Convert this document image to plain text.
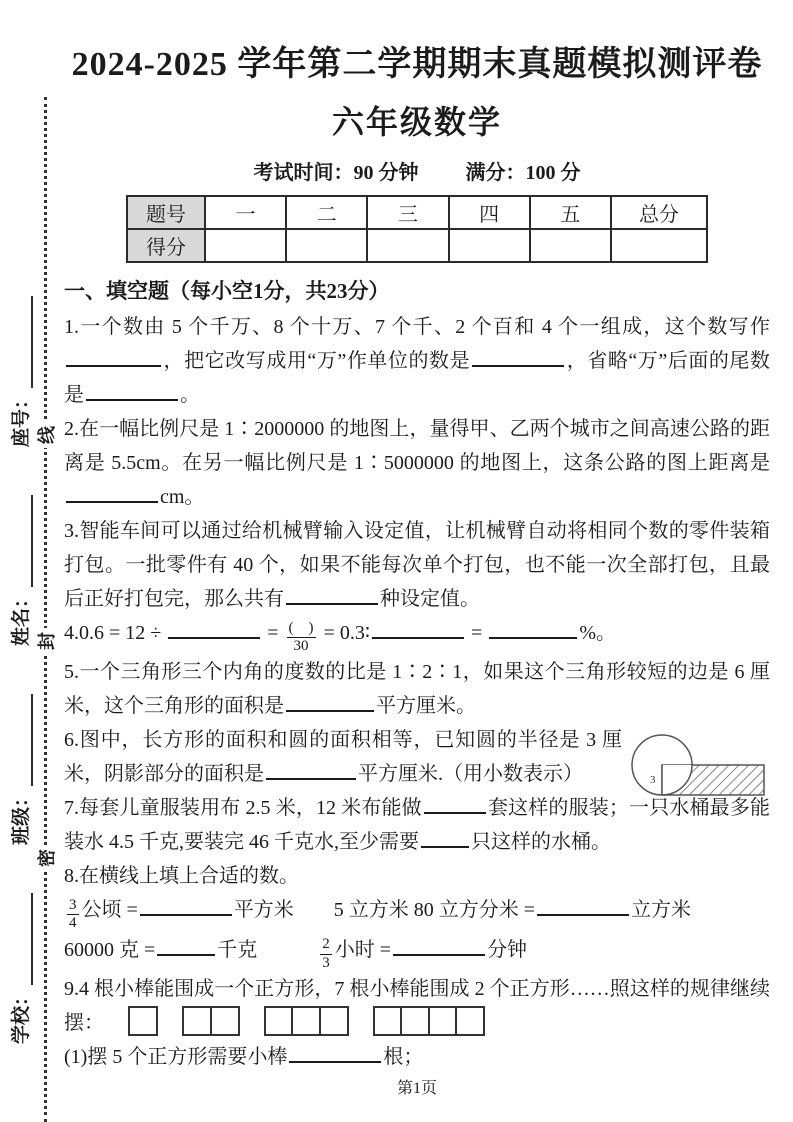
学校：
班级：
姓名：
座号：
密
封
线
2024-2025 学年第二学期期末真题模拟测评卷
六年级数学
考试时间：90 分钟 满分：100 分
题号	一	二	三	四	五	总分
得分						
一、填空题（每小空1分，共23分）

1.一个数由 5 个千万、8 个十万、7 个千、2 个百和 4 个一组成，这个数写作，把它改写成用“万”作单位的数是	，省略“万”后面的尾数是	。

2.在一幅比例尺是 1∶2000000 的地图上，量得甲、乙两个城市之间高速公路的距离是 5.5cm。在另一幅比例尺是 1∶5000000 的地图上，这条公路的图上距离是cm。

3.智能车间可以通过给机械臂输入设定值，让机械臂自动将相同个数的零件装箱打包。一批零件有 40 个，如果不能每次单个打包，也不能一次全部打包，且最后正好打包完，那么共有	种设定值。

4.0.6 = 12 ÷	= $\frac{( )}{30}$ = 0.3∶	=	%。

5.一个三角形三个内角的度数的比是 1∶2∶1，如果这个三角形较短的边是 6 厘米，这个三角形的面积是	平方厘米。

6.图中，长方形的面积和圆的面积相等，已知圆的半径是 3 厘米，阴影部分的面积是	平方厘米.（用小数表示）	3

7.每套儿童服装用布 2.5 米，12 米布能做	套这样的服装；一只水桶最多能装水 4.5 千克,要装完 46 千克水,至少需要	只这样的水桶。

8.在横线上填上合适的数。

$\frac{3}{4}$ 公顷 =	平方米　　5 立方米 80 立方分米 =	立方米

60000 克 =	千克　　　 $\frac{2}{3}$ 小时 =	分钟

9.4 根小棒能围成一个正方形，7 根小棒能围成 2 个正方形……照这样的规律继续摆：

(1)摆 5 个正方形需要小棒	根；

第1页
